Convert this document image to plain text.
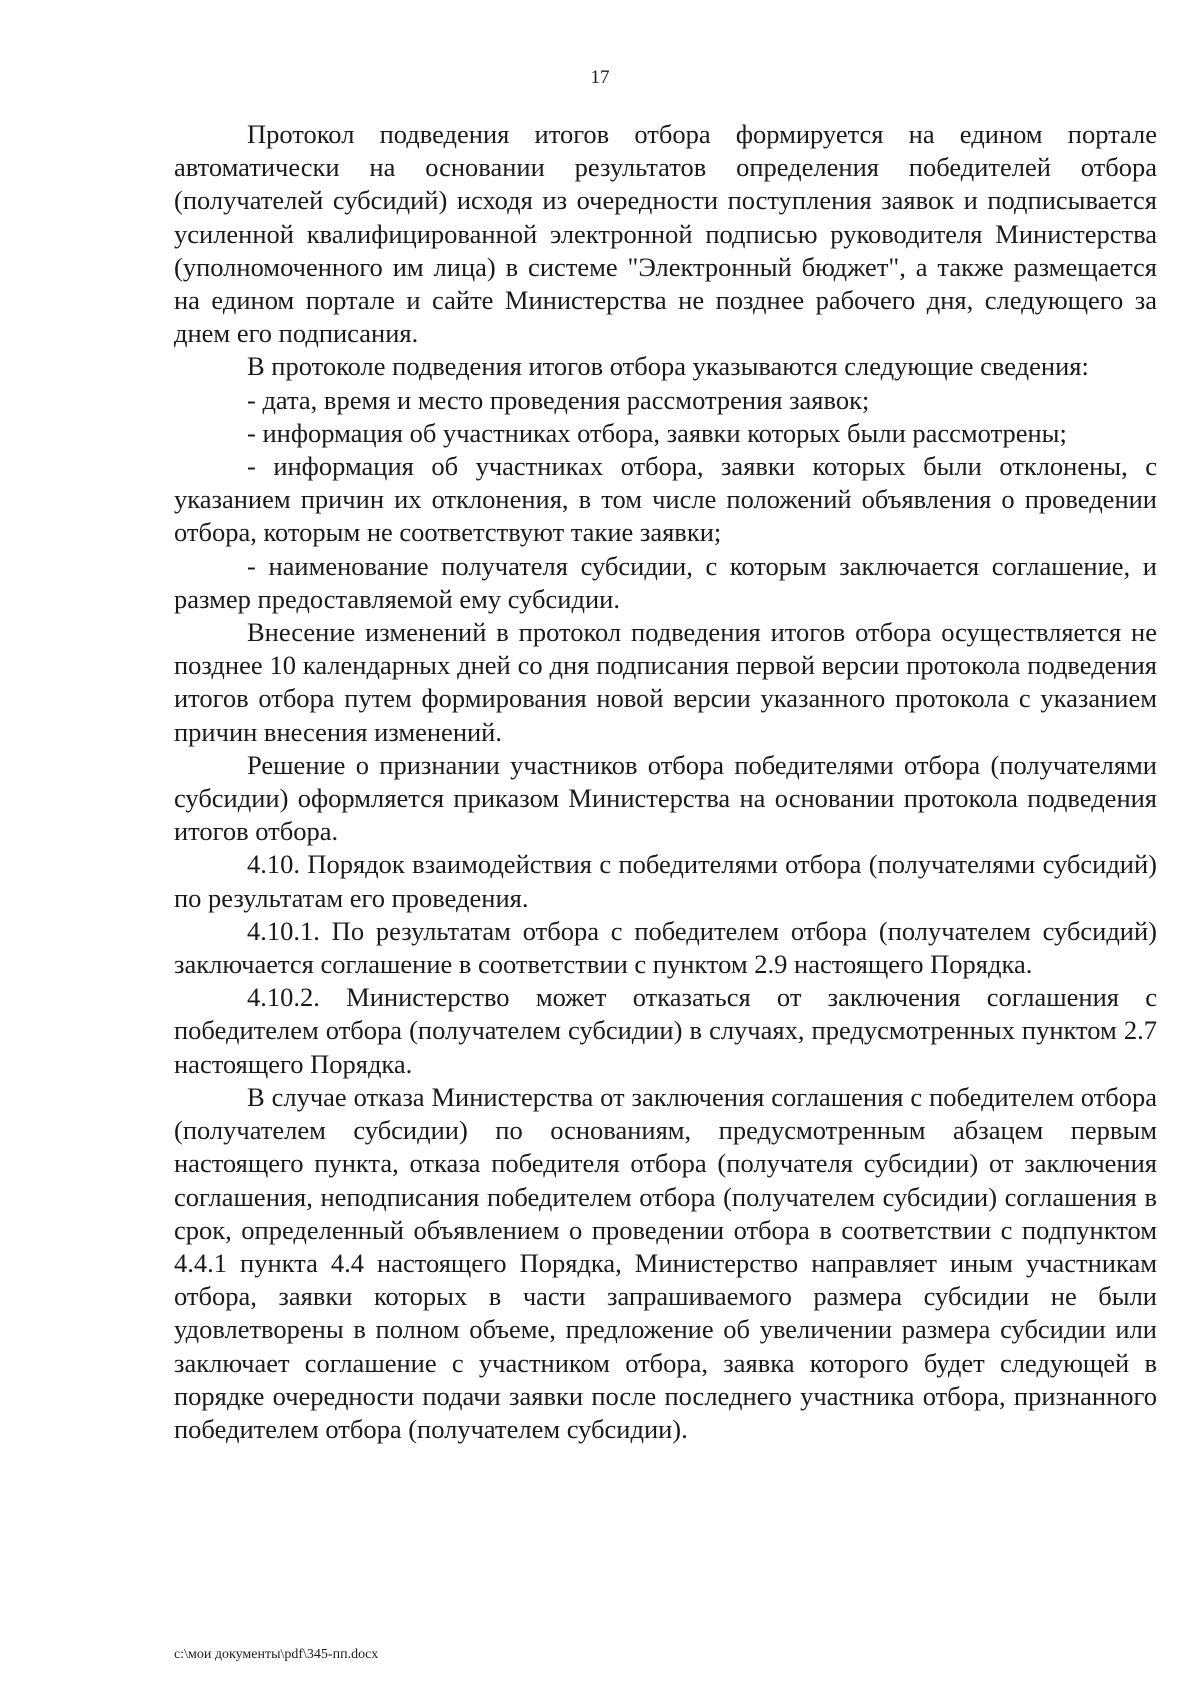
17

Протокол подведения итогов отбора формируется на едином портале автоматически на основании результатов определения победителей отбора (получателей субсидий) исходя из очередности поступления заявок и подписывается усиленной квалифицированной электронной подписью руководителя Министерства (уполномоченного им лица) в системе "Электронный бюджет", а также размещается на едином портале и сайте Министерства не позднее рабочего дня, следующего за днем его подписания.

В протоколе подведения итогов отбора указываются следующие сведения:

- дата, время и место проведения рассмотрения заявок;

- информация об участниках отбора, заявки которых были рассмотрены;

- информация об участниках отбора, заявки которых были отклонены, с указанием причин их отклонения, в том числе положений объявления о проведении отбора, которым не соответствуют такие заявки;

- наименование получателя субсидии, с которым заключается соглашение, и размер предоставляемой ему субсидии.

Внесение изменений в протокол подведения итогов отбора осуществляется не позднее 10 календарных дней со дня подписания первой версии протокола подведения итогов отбора путем формирования новой версии указанного протокола с указанием причин внесения изменений.

Решение о признании участников отбора победителями отбора (получателями субсидии) оформляется приказом Министерства на основании протокола подведения итогов отбора.

4.10. Порядок взаимодействия с победителями отбора (получателями субсидий) по результатам его проведения.

4.10.1. По результатам отбора с победителем отбора (получателем субсидий) заключается соглашение в соответствии с пунктом 2.9 настоящего Порядка.

4.10.2. Министерство может отказаться от заключения соглашения с победителем отбора (получателем субсидии) в случаях, предусмотренных пунктом 2.7 настоящего Порядка.

В случае отказа Министерства от заключения соглашения с победителем отбора (получателем субсидии) по основаниям, предусмотренным абзацем первым настоящего пункта, отказа победителя отбора (получателя субсидии) от заключения соглашения, неподписания победителем отбора (получателем субсидии) соглашения в срок, определенный объявлением о проведении отбора в соответствии с подпунктом 4.4.1 пункта 4.4 настоящего Порядка, Министерство направляет иным участникам отбора, заявки которых в части запрашиваемого размера субсидии не были удовлетворены в полном объеме, предложение об увеличении размера субсидии или заключает соглашение с участником отбора, заявка которого будет следующей в порядке очередности подачи заявки после последнего участника отбора, признанного победителем отбора (получателем субсидии).

c:\мои документы\pdf\345-пп.docx
